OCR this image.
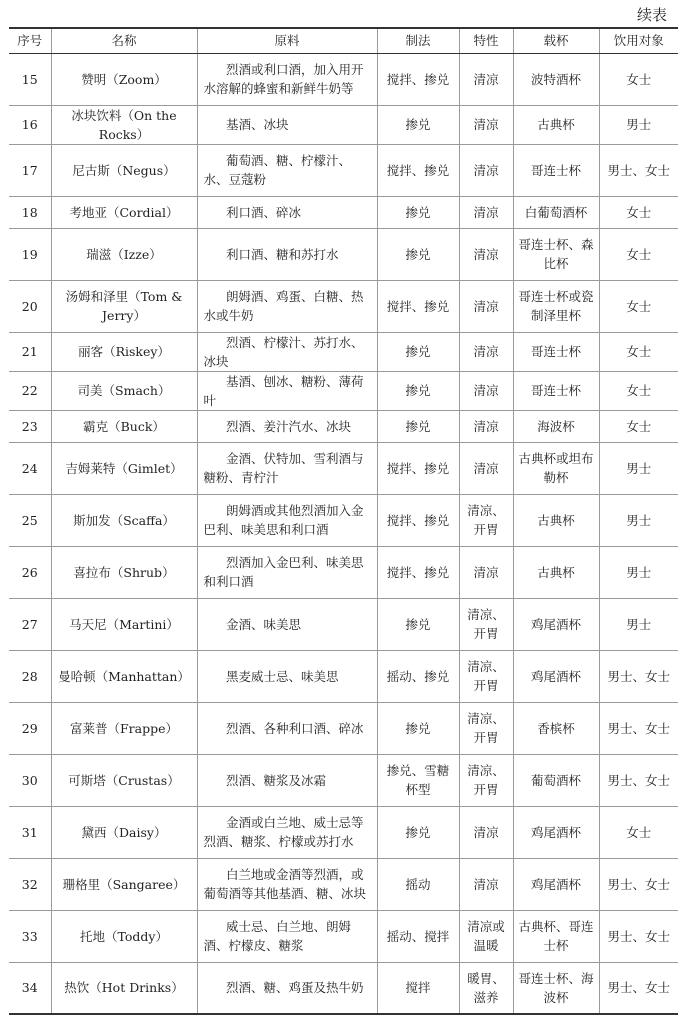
续表
序号	名称	原料	制法	特性	载杯	饮用对象
15	赞明（Zoom）	烈酒或利口酒，加入用开水溶解的蜂蜜和新鲜牛奶等	搅拌、掺兑	清凉	波特酒杯	女士
16	冰块饮料（On the Rocks）	基酒、冰块	掺兑	清凉	古典杯	男士
17	尼古斯（Negus）	葡萄酒、糖、柠檬汁、水、豆蔻粉	搅拌、掺兑	清凉	哥连士杯	男士、女士
18	考地亚（Cordial）	利口酒、碎冰	掺兑	清凉	白葡萄酒杯	女士
19	瑞滋（Izze）	利口酒、糖和苏打水	掺兑	清凉	哥连士杯、森比杯	女士
20	汤姆和泽里（Tom & Jerry）	朗姆酒、鸡蛋、白糖、热水或牛奶	搅拌、掺兑	清凉	哥连士杯或瓷制泽里杯	女士
21	丽客（Riskey）	烈酒、柠檬汁、苏打水、冰块	掺兑	清凉	哥连士杯	女士
22	司美（Smach）	基酒、刨冰、糖粉、薄荷叶	掺兑	清凉	哥连士杯	女士
23	霸克（Buck）	烈酒、姜汁汽水、冰块	掺兑	清凉	海波杯	女士
24	吉姆莱特（Gimlet）	金酒、伏特加、雪利酒与糖粉、青柠汁	搅拌、掺兑	清凉	古典杯或坦布勒杯	男士
25	斯加发（Scaffa）	朗姆酒或其他烈酒加入金巴利、味美思和利口酒	搅拌、掺兑	清凉、开胃	古典杯	男士
26	喜拉布（Shrub）	烈酒加入金巴利、味美思和利口酒	搅拌、掺兑	清凉	古典杯	男士
27	马天尼（Martini）	金酒、味美思	掺兑	清凉、开胃	鸡尾酒杯	男士
28	曼哈顿（Manhattan）	黑麦威士忌、味美思	摇动、掺兑	清凉、开胃	鸡尾酒杯	男士、女士
29	富莱普（Frappe）	烈酒、各种利口酒、碎冰	掺兑	清凉、开胃	香槟杯	男士、女士
30	可斯塔（Crustas）	烈酒、糖浆及冰霜	掺兑、雪糖杯型	清凉、开胃	葡萄酒杯	男士、女士
31	黛西（Daisy）	金酒或白兰地、威士忌等烈酒、糖浆、柠檬或苏打水	掺兑	清凉	鸡尾酒杯	女士
32	珊格里（Sangaree）	白兰地或金酒等烈酒，或葡萄酒等其他基酒、糖、冰块	摇动	清凉	鸡尾酒杯	男士、女士
33	托地（Toddy）	威士忌、白兰地、朗姆酒、柠檬皮、糖浆	摇动、搅拌	清凉或温暖	古典杯、哥连士杯	男士、女士
34	热饮（Hot Drinks）	烈酒、糖、鸡蛋及热牛奶	搅拌	暖胃、滋养	哥连士杯、海波杯	男士、女士
